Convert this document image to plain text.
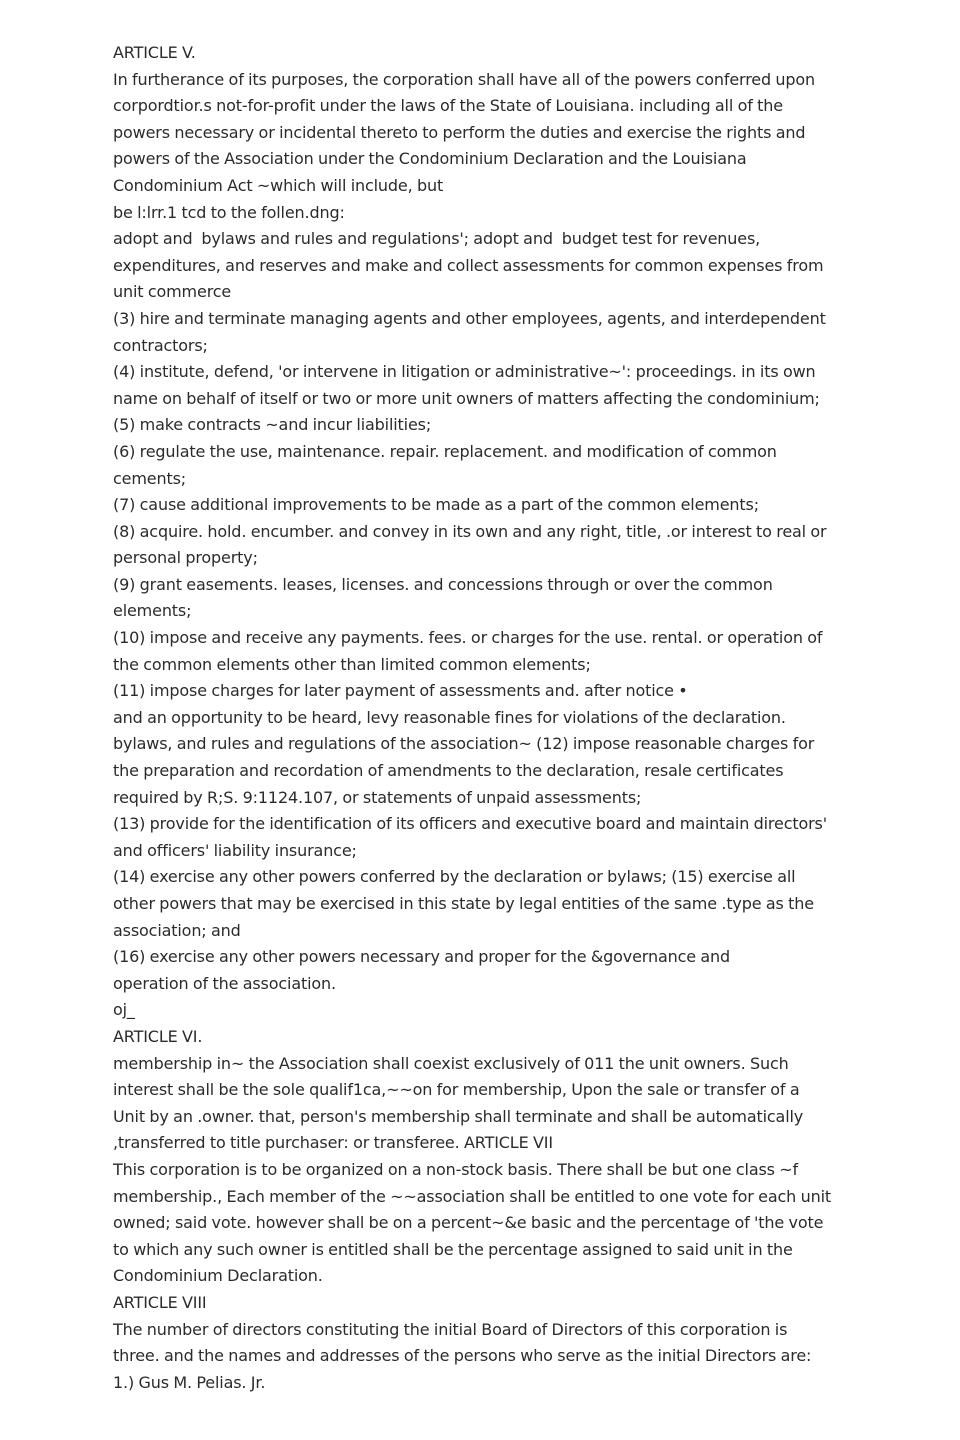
ARTICLE V.
In furtherance of its purposes, the corporation shall have all of the powers conferred upon
corpordtior.s not-for-profit under the laws of the State of Louisiana. including all of the
powers necessary or incidental thereto to perform the duties and exercise the rights and
powers of the Association under the Condominium Declaration and the Louisiana
Condominium Act ~which will include, but
be l:lrr.1 tcd to the follen.dng:
adopt and  bylaws and rules and regulations'; adopt and  budget test for revenues,
expenditures, and reserves and make and collect assessments for common expenses from
unit commerce
(3) hire and terminate managing agents and other employees, agents, and interdependent
contractors;
(4) institute, defend, 'or intervene in litigation or administrative~': proceedings. in its own
name on behalf of itself or two or more unit owners of matters affecting the condominium;
(5) make contracts ~and incur liabilities;
(6) regulate the use, maintenance. repair. replacement. and modification of common
cements;
(7) cause additional improvements to be made as a part of the common elements;
(8) acquire. hold. encumber. and convey in its own and any right, title, .or interest to real or
personal property;
(9) grant easements. leases, licenses. and concessions through or over the common
elements;
(10) impose and receive any payments. fees. or charges for the use. rental. or operation of
the common elements other than limited common elements;
(11) impose charges for later payment of assessments and. after notice •
and an opportunity to be heard, levy reasonable fines for violations of the declaration.
bylaws, and rules and regulations of the association~ (12) impose reasonable charges for
the preparation and recordation of amendments to the declaration, resale certificates
required by R;S. 9:1124.107, or statements of unpaid assessments;
(13) provide for the identification of its officers and executive board and maintain directors'
and officers' liability insurance;
(14) exercise any other powers conferred by the declaration or bylaws; (15) exercise all
other powers that may be exercised in this state by legal entities of the same .type as the
association; and
(16) exercise any other powers necessary and proper for the &governance and
operation of the association.
oj_
ARTICLE VI.
membership in~ the Association shall coexist exclusively of 011 the unit owners. Such
interest shall be the sole qualif1ca,~~on for membership, Upon the sale or transfer of a
Unit by an .owner. that, person's membership shall terminate and shall be automatically
,transferred to title purchaser: or transferee. ARTICLE VII
This corporation is to be organized on a non-stock basis. There shall be but one class ~f
membership., Each member of the ~~association shall be entitled to one vote for each unit
owned; said vote. however shall be on a percent~&e basic and the percentage of 'the vote
to which any such owner is entitled shall be the percentage assigned to said unit in the
Condominium Declaration.
ARTICLE VIII
The number of directors constituting the initial Board of Directors of this corporation is
three. and the names and addresses of the persons who serve as the initial Directors are:
1.) Gus M. Pelias. Jr.
